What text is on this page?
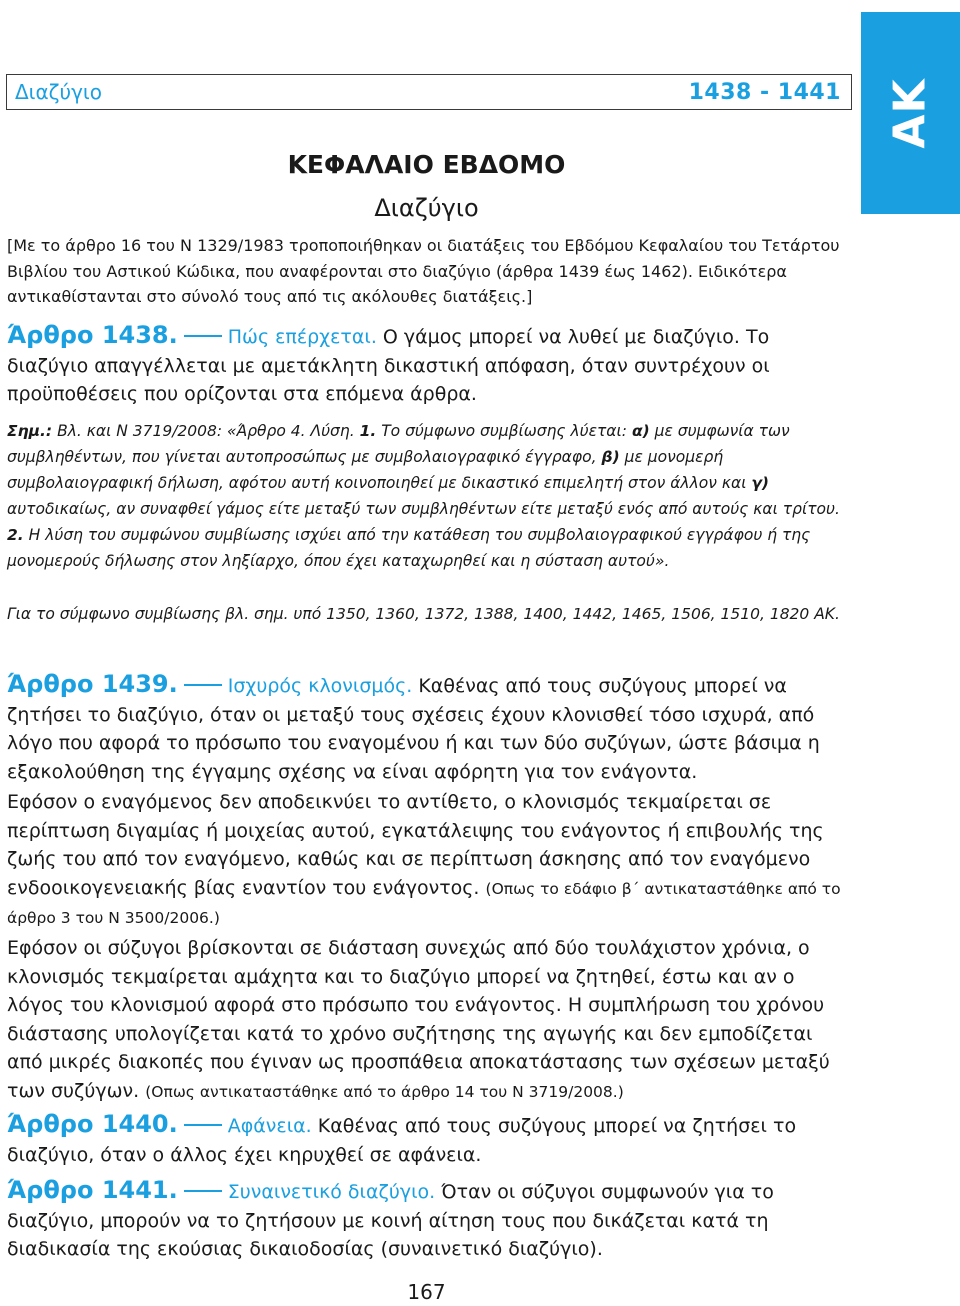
Διαζύγιο	1438 - 1441 ΑΚ
ΚΕΦΑΛΑΙΟ ΕΒΔΟΜΟ
Διαζύγιο
[Με το άρθρο 16 του Ν 1329/1983 τροποποιήθηκαν οι διατάξεις του Εβδόμου Κεφαλαίου του Τετάρτου Βιβλίου του Αστικού Κώδικα, που αναφέρονται στο διαζύγιο (άρθρα 1439 έως 1462). Ειδικότερα αντικαθίστανται στο σύνολό τους από τις ακόλουθες διατάξεις.]
Άρθρο 1438.	Πώς επέρχεται. Ο γάμος μπορεί να λυθεί με διαζύγιο. Το διαζύγιο απαγγέλλεται με αμετάκλητη δικαστική απόφαση, όταν συντρέχουν οι προϋποθέσεις που ορίζονται στα επόμενα άρθρα.
Σημ.: Βλ. και Ν 3719/2008: «Άρθρο 4. Λύση. 1. Το σύμφωνο συμβίωσης λύεται: α) με συμφωνία των συμβληθέντων, που γίνεται αυτοπροσώπως με συμβολαιογραφικό έγγραφο, β) με μονομερή συμβολαιογραφική δήλωση, αφότου αυτή κοινοποιηθεί με δικαστικό επιμελητή στον άλλον και γ) αυτοδικαίως, αν συναφθεί γάμος είτε μεταξύ των συμβληθέντων είτε μεταξύ ενός από αυτούς και τρίτου. 2. Η λύση του συμφώνου συμβίωσης ισχύει από την κατάθεση του συμβολαιογραφικού εγγράφου ή της μονομερούς δήλωσης στον ληξίαρχο, όπου έχει καταχωρηθεί και η σύσταση αυτού».
Για το σύμφωνο συμβίωσης βλ. σημ. υπό 1350, 1360, 1372, 1388, 1400, 1442, 1465, 1506, 1510, 1820 ΑΚ.
Άρθρο 1439.	Ισχυρός κλονισμός. Καθένας από τους συζύγους μπορεί να ζητήσει το διαζύγιο, όταν οι μεταξύ τους σχέσεις έχουν κλονισθεί τόσο ισχυρά, από λόγο που αφορά το πρόσωπο του εναγομένου ή και των δύο συζύγων, ώστε βάσιμα η εξακολούθηση της έγγαμης σχέσης να είναι αφόρητη για τον ενάγοντα.
Εφόσον ο εναγόμενος δεν αποδεικνύει το αντίθετο, ο κλονισμός τεκμαίρεται σε περίπτωση διγαμίας ή μοιχείας αυτού, εγκατάλειψης του ενάγοντος ή επιβουλής της ζωής του από τον εναγόμενο, καθώς και σε περίπτωση άσκησης από τον εναγόμενο ενδοοικογενειακής βίας εναντίον του ενάγοντος. (Οπως το εδάφιο β΄ αντικαταστάθηκε από το άρθρο 3 του Ν 3500/2006.)
Εφόσον οι σύζυγοι βρίσκονται σε διάσταση συνεχώς από δύο τουλάχιστον χρόνια, ο κλονισμός τεκμαίρεται αμάχητα και το διαζύγιο μπορεί να ζητηθεί, έστω και αν ο λόγος του κλονισμού αφορά στο πρόσωπο του ενάγοντος. Η συμπλήρωση του χρόνου διάστασης υπολογίζεται κατά το χρόνο συζήτησης της αγωγής και δεν εμποδίζεται από μικρές διακοπές που έγιναν ως προσπάθεια αποκατάστασης των σχέσεων μεταξύ των συζύγων. (Οπως αντικαταστάθηκε από το άρθρο 14 του Ν 3719/2008.)
Άρθρο 1440.	Αφάνεια. Καθένας από τους συζύγους μπορεί να ζητήσει το διαζύγιο, όταν ο άλλος έχει κηρυχθεί σε αφάνεια.
Άρθρο 1441.	Συναινετικό διαζύγιο. Όταν οι σύζυγοι συμφωνούν για το διαζύγιο, μπορούν να το ζητήσουν με κοινή αίτηση τους που δικάζεται κατά τη διαδικασία της εκούσιας δικαιοδοσίας (συναινετικό διαζύγιο).
167
